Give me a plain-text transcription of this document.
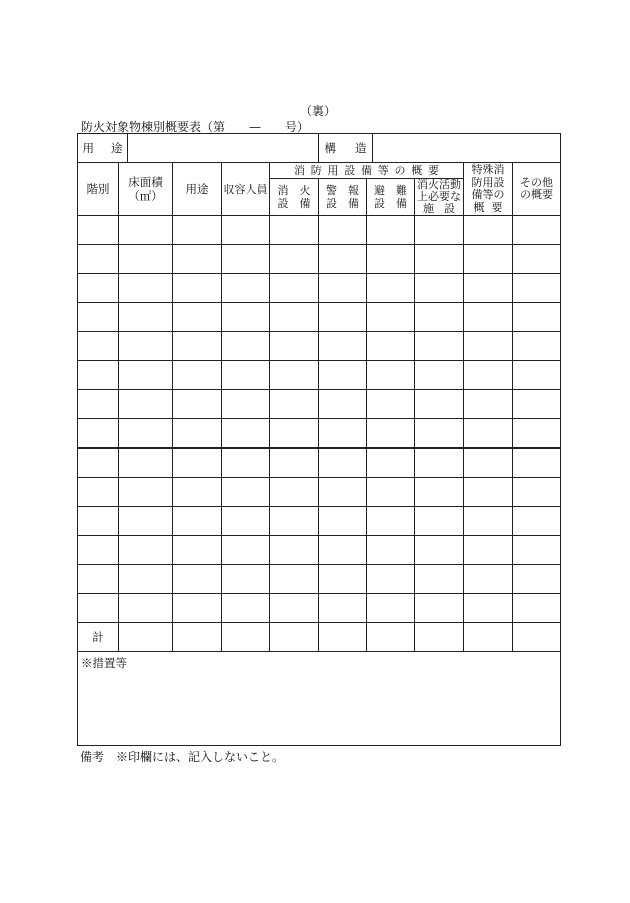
（裏）
防火対象物棟別概要表（第　　—　　号）
用途	構造
階別 床面積
（㎡）
用途 収容人員
消防用設備等の概要
消火
設備
警報
設備
避難
設備
消火活動
上必要な
施設
特殊消
防用設
備等の
概要
その他
の概要
計
※措置等
備考　※印欄には、記入しないこと。
